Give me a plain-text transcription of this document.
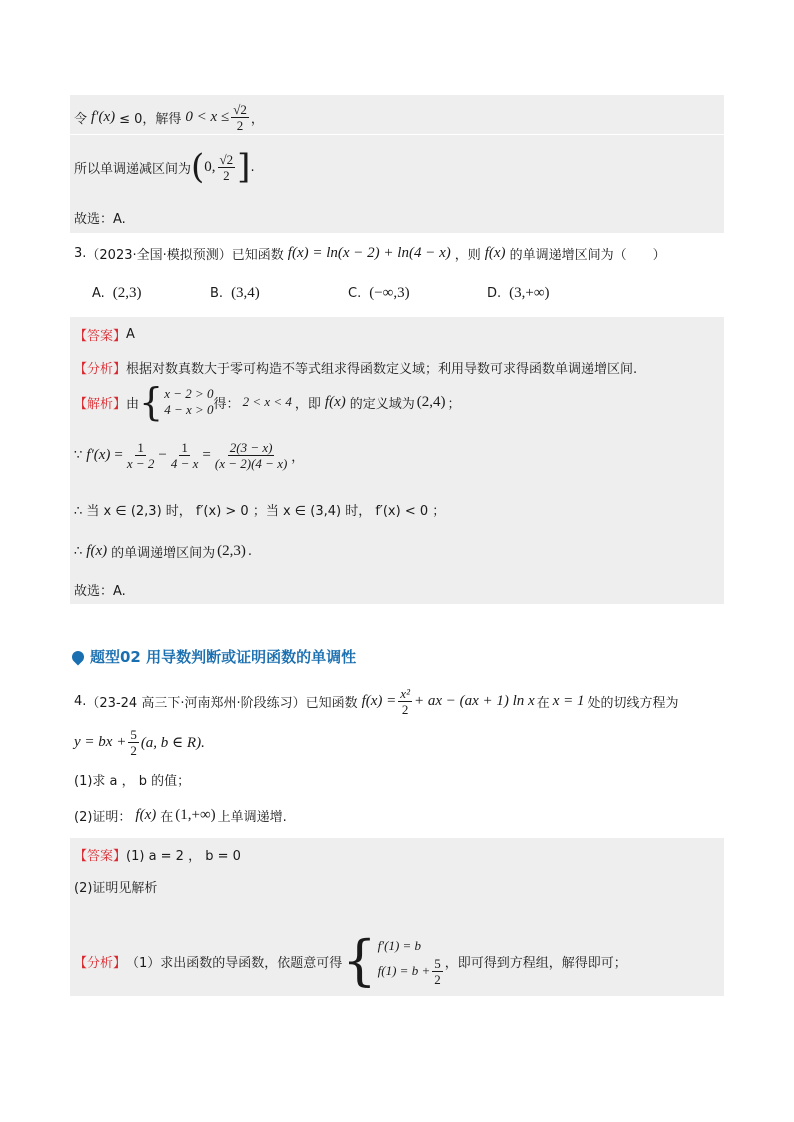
令 f′(x) ≤ 0，解得 $0 < x \le \frac{√2}{2}$ ，
所以单调递减区间为 ( 0, $\frac{√2}{2}$ ] .
故选：A.
3. （2023·全国·模拟预测） 已知函数 f(x) = ln(x − 2) + ln(4 − x) ，则 f(x) 的单调递增区间为（　　）
A. (2,3)	B. (3,4)	C. (−∞,3)	D. (3,+∞)
【答案】 A
【分析】 根据对数真数大于零可构造不等式组求得函数定义域；利用导数可求得函数单调递增区间.
【解析】 由 { x − 2 > 0
4 − x > 0 得： 2 < x < 4 ，即 f(x) 的定义域为 (2,4) ；
∵ $f'(x) = \frac{1}{x - 2} - \frac{1}{4 - x} = \frac{2(3 - x)}{(x - 2)(4 - x)}$ ，
∴ 当 x ∈ (2,3) 时， f′(x) > 0 ；当 x ∈ (3,4) 时， f′(x) < 0 ；
∴ f(x) 的单调递增区间为 (2,3) .
故选：A.
题型02 用导数判断或证明函数的单调性
4. （23-24 高三下·河南郑州·阶段练习） 已知函数 $f(x) = \frac{\text{x²}}{2}$ + ax − (ax + 1) ln x 在 x = 1 处的切线方程为
y = bx + $\frac{5}{2} (a$, b ∈ R).
(1)求 a ， b 的值；
(2)证明： f(x) 在 (1,+∞) 上单调递增.
【答案】 (1) a = 2 ， b = 0
(2)证明见解析
【分析】 （1）求出函数的导函数，依题意可得 { f′(1) = b
$f(1) = b + \frac{5}{2}$ ，即可得到方程组，解得即可；
